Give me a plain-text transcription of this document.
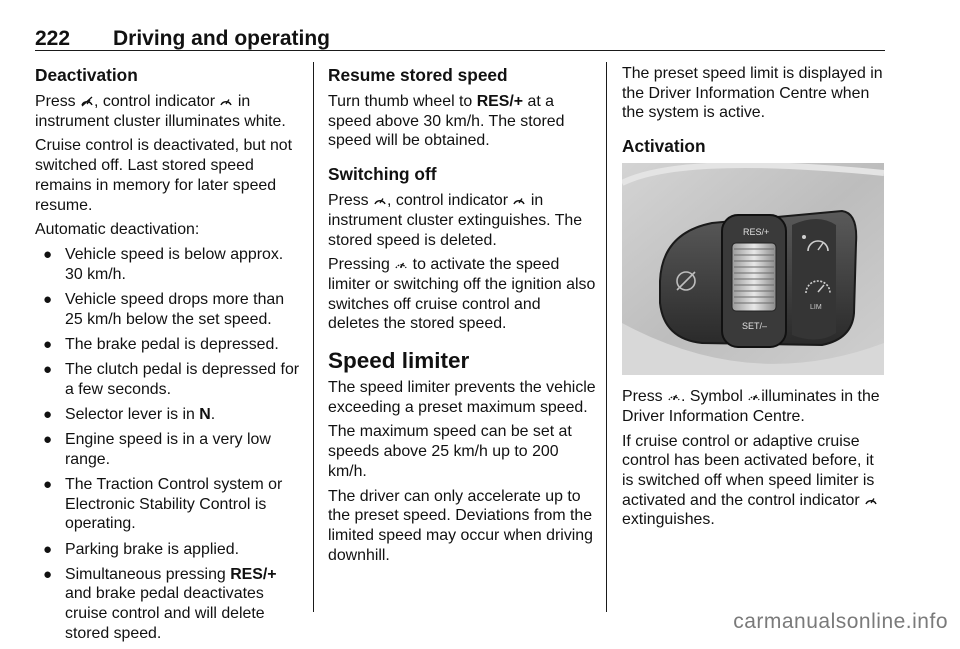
222 Driving and operating
Deactivation

Press
, control indicator
in instrument cluster illuminates white.

Cruise control is deactivated, but not switched off. Last stored speed remains in memory for later speed resume.

Automatic deactivation:

● Vehicle speed is below approx. 30 km/h.
● Vehicle speed drops more than 25 km/h below the set speed.
● The brake pedal is depressed.
● The clutch pedal is depressed for a few seconds.
● Selector lever is in N.
● Engine speed is in a very low range.
● The Traction Control system or Electronic Stability Control is operating.
● Parking brake is applied.
● Simultaneous pressing RES/+ and brake pedal deactivates cruise control and will delete stored speed.
Resume stored speed

Turn thumb wheel to RES/+ at a speed above 30 km/h. The stored speed will be obtained.

Switching off

Press
, control indicator
in instrument cluster extinguishes. The stored speed is deleted.

Pressing
to activate the speed limiter or switching off the ignition also switches off cruise control and deletes the stored speed.

Speed limiter

The speed limiter prevents the vehicle exceeding a preset maximum speed.

The maximum speed can be set at speeds above 25 km/h up to 200 km/h.

The driver can only accelerate up to the preset speed. Deviations from the limited speed may occur when driving downhill.

The preset speed limit is displayed in the Driver Information Centre when the system is active.

Activation
RES/+
SET/–
LIM

Press
. Symbol
illuminates in the Driver Information Centre.

If cruise control or adaptive cruise control has been activated before, it is switched off when speed limiter is activated and the control indicator
extinguishes.

carmanualsonline.info
